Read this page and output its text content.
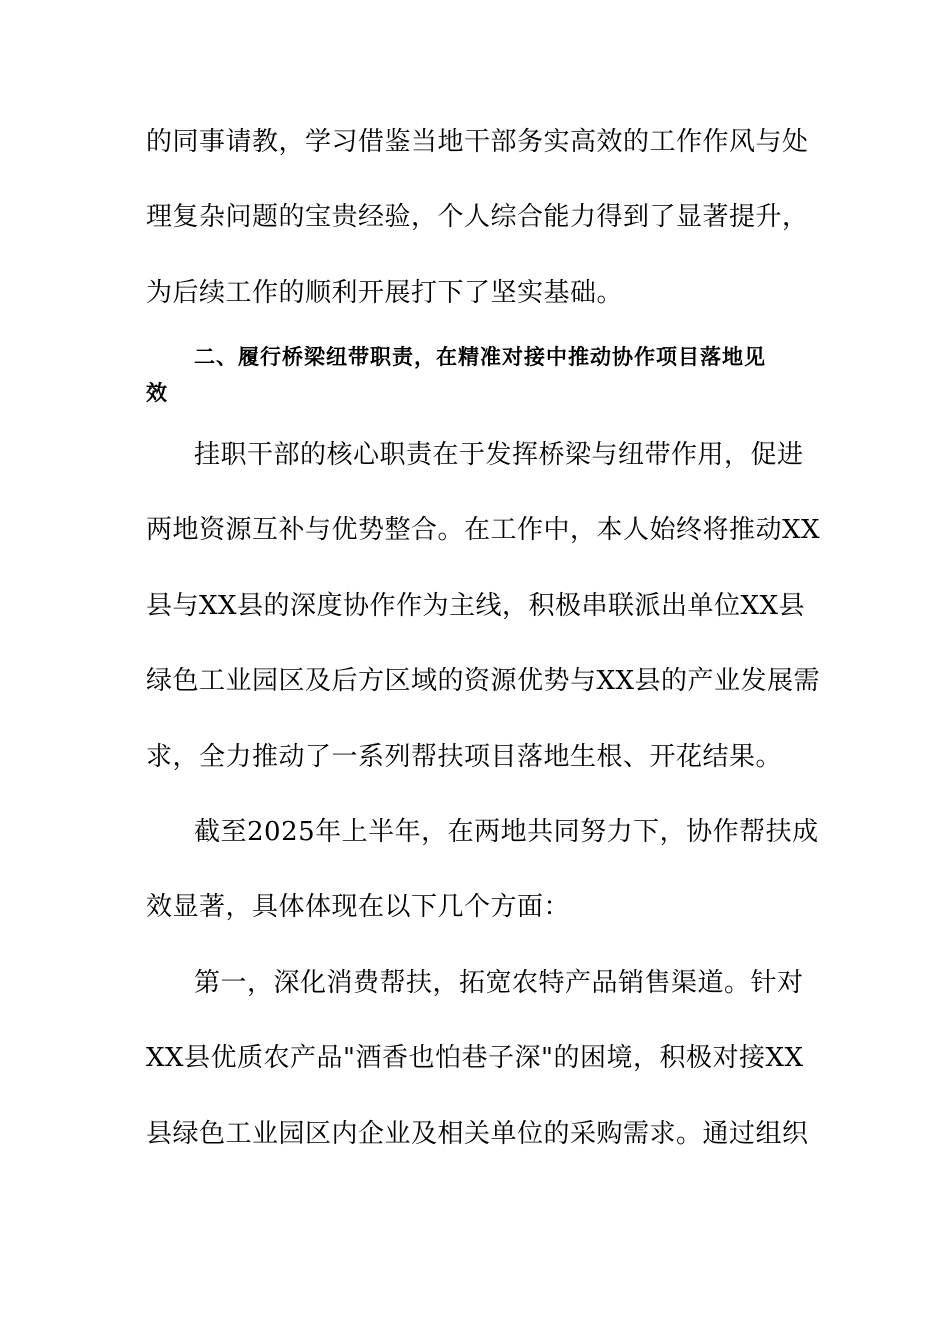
的同事请教，学习借鉴当地干部务实高效的工作作风与处
理复杂问题的宝贵经验，个人综合能力得到了显著提升，
为后续工作的顺利开展打下了坚实基础。
二、履行桥梁纽带职责，在精准对接中推动协作项目落地见
效
挂职干部的核心职责在于发挥桥梁与纽带作用，促进
两地资源互补与优势整合。在工作中，本人始终将推动XX
县与XX县的深度协作作为主线，积极串联派出单位XX县
绿色工业园区及后方区域的资源优势与XX县的产业发展需
求，全力推动了一系列帮扶项目落地生根、开花结果。
截至2025年上半年，在两地共同努力下，协作帮扶成
效显著，具体体现在以下几个方面：
第一，深化消费帮扶，拓宽农特产品销售渠道。针对
XX县优质农产品"酒香也怕巷子深"的困境，积极对接XX
县绿色工业园区内企业及相关单位的采购需求。通过组织
